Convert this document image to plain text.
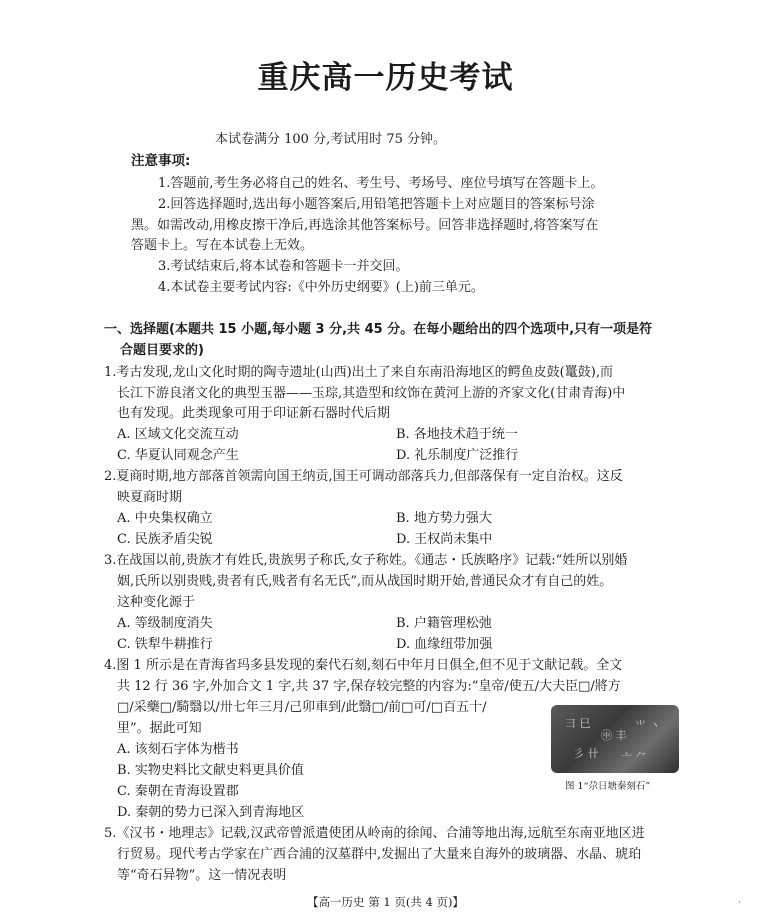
重庆高一历史考试
本试卷满分 100 分,考试用时 75 分钟。
注意事项:
1.答题前,考生务必将自己的姓名、考生号、考场号、座位号填写在答题卡上。
2.回答选择题时,选出每小题答案后,用铅笔把答题卡上对应题目的答案标号涂
黑。如需改动,用橡皮擦干净后,再选涂其他答案标号。回答非选择题时,将答案写在
答题卡上。写在本试卷上无效。
3.考试结束后,将本试卷和答题卡一并交回。
4.本试卷主要考试内容:《中外历史纲要》(上)前三单元。
一、选择题(本题共 15 小题,每小题 3 分,共 45 分。在每小题给出的四个选项中,只有一项是符
合题目要求的)
1.考古发现,龙山文化时期的陶寺遗址(山西)出土了来自东南沿海地区的鳄鱼皮鼓(鼍鼓),而
长江下游良渚文化的典型玉器——玉琮,其造型和纹饰在黄河上游的齐家文化(甘肃青海)中
也有发现。此类现象可用于印证新石器时代后期
A. 区域文化交流互动	B. 各地技术趋于统一
C. 华夏认同观念产生	D. 礼乐制度广泛推行
2.夏商时期,地方部落首领需向国王纳贡,国王可调动部落兵力,但部落保有一定自治权。这反
映夏商时期
A. 中央集权确立	B. 地方势力强大
C. 民族矛盾尖锐	D. 王权尚未集中
3.在战国以前,贵族才有姓氏,贵族男子称氏,女子称姓。《通志・氏族略序》记载:“姓所以别婚
姻,氏所以别贵贱,贵者有氏,贱者有名无氏”,而从战国时期开始,普通民众才有自己的姓。
这种变化源于
A. 等级制度消失	B. 户籍管理松弛
C. 铁犁牛耕推行	D. 血缘纽带加强
4.图 1 所示是在青海省玛多县发现的秦代石刻,刻石中年月日俱全,但不见于文献记载。全文
共 12 行 36 字,外加合文 1 字,共 37 字,保存较完整的内容为:“皇帝/使五/大夫臣□/將方
□/采藥□/騎翳以/卅七年三月/己卯車到/此翳□/前□可/□百五十/
里”。据此可知
A. 该刻石字体为楷书
B. 实物史料比文献史料更具价值
C. 秦朝在青海设置郡
D. 秦朝的势力已深入到青海地区
⺕ 巳
㊥ 丰
⺌ 丶
彡 卄 亠 ⺈
图 1“尕日塘秦刻石”
5.《汉书・地理志》记载,汉武帝曾派遣使团从岭南的徐闻、合浦等地出海,远航至东南亚地区进
行贸易。现代考古学家在广西合浦的汉墓群中,发掘出了大量来自海外的玻璃器、水晶、琥珀
等“奇石异物”。这一情况表明
【高一历史 第 1 页(共 4 页)】	·
